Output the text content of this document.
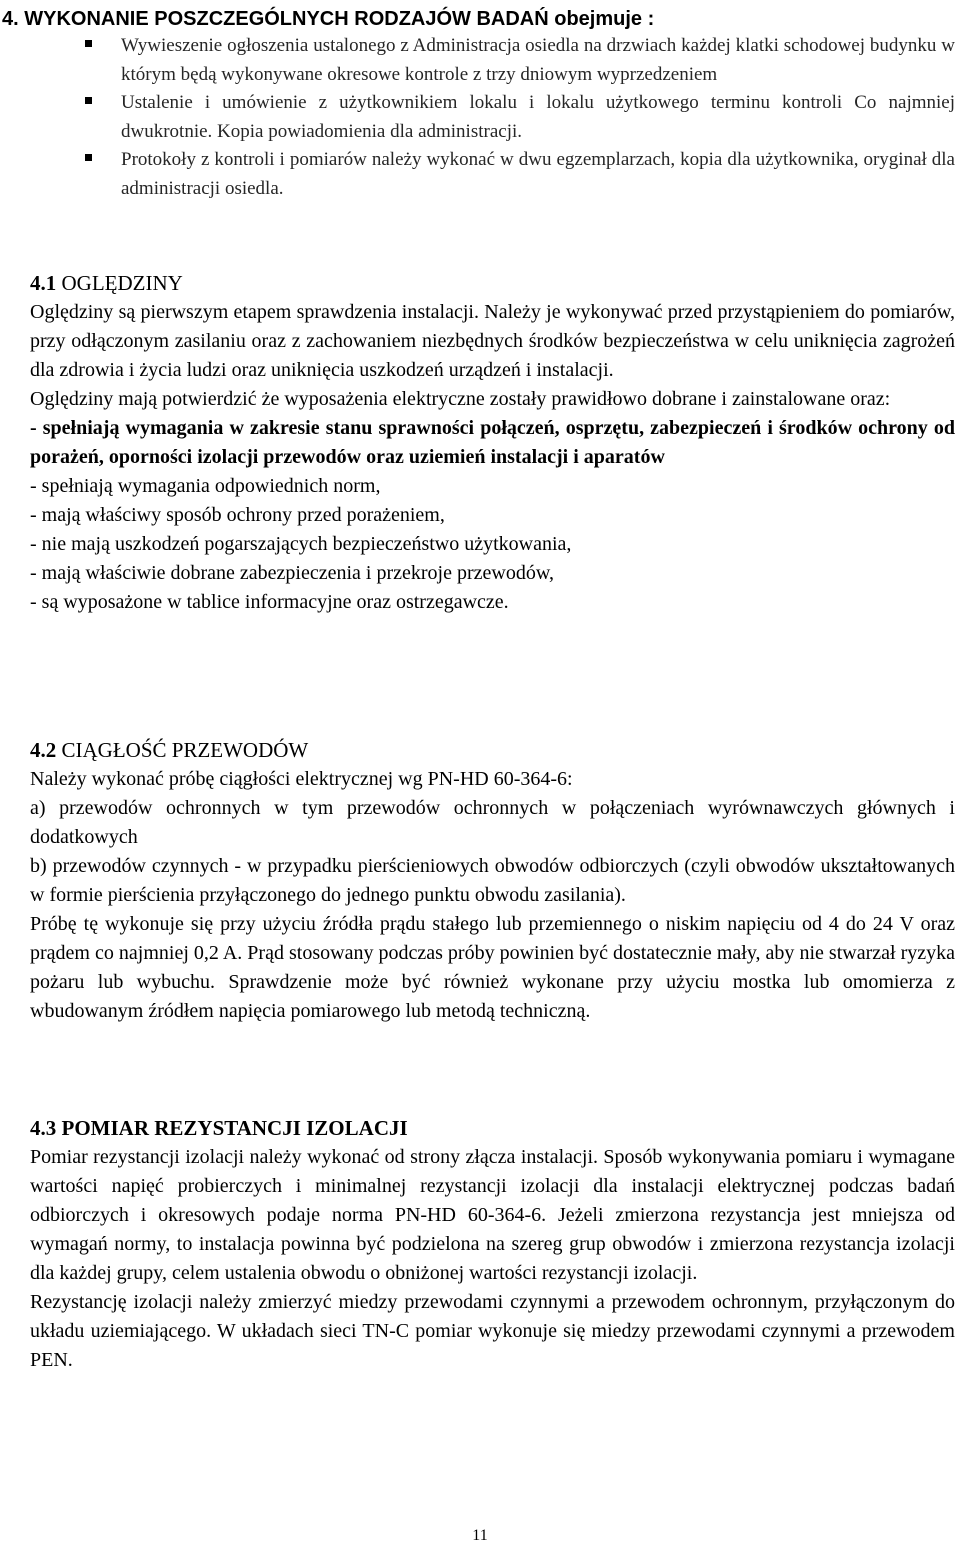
4. WYKONANIE POSZCZEGÓLNYCH RODZAJÓW BADAŃ obejmuje :
Wywieszenie ogłoszenia ustalonego z Administracja osiedla na drzwiach każdej klatki schodowej budynku w którym będą wykonywane okresowe kontrole z trzy dniowym wyprzedzeniem
Ustalenie i umówienie z użytkownikiem lokalu i lokalu użytkowego terminu kontroli Co najmniej dwukrotnie. Kopia powiadomienia dla administracji.
Protokoły z kontroli i pomiarów należy wykonać w dwu egzemplarzach, kopia dla użytkownika, oryginał dla administracji osiedla.
4.1 OGLĘDZINY

Oględziny są pierwszym etapem sprawdzenia instalacji. Należy je wykonywać przed przystąpieniem do pomiarów, przy odłączonym zasilaniu oraz z zachowaniem niezbędnych środków bezpieczeństwa w celu uniknięcia zagrożeń dla zdrowia i życia ludzi oraz uniknięcia uszkodzeń urządzeń i instalacji.

Oględziny mają potwierdzić że wyposażenia elektryczne zostały prawidłowo dobrane i zainstalowane oraz:

- spełniają wymagania w zakresie stanu sprawności połączeń, osprzętu, zabezpieczeń i środków ochrony od porażeń, oporności izolacji przewodów oraz uziemień instalacji i aparatów

- spełniają wymagania odpowiednich norm,

- mają właściwy sposób ochrony przed porażeniem,

- nie mają uszkodzeń pogarszających bezpieczeństwo użytkowania,

- mają właściwie dobrane zabezpieczenia i przekroje przewodów,

- są wyposażone w tablice informacyjne oraz ostrzegawcze.

4.2 CIĄGŁOŚĆ PRZEWODÓW

Należy wykonać próbę ciągłości elektrycznej wg PN-HD 60-364-6:

a) przewodów ochronnych w tym przewodów ochronnych w połączeniach wyrównawczych głównych i dodatkowych

b) przewodów czynnych - w przypadku pierścieniowych obwodów odbiorczych (czyli obwodów ukształtowanych w formie pierścienia przyłączonego do jednego punktu obwodu zasilania).

Próbę tę wykonuje się przy użyciu źródła prądu stałego lub przemiennego o niskim napięciu od 4 do 24 V oraz prądem co najmniej 0,2 A. Prąd stosowany podczas próby powinien być dostatecznie mały, aby nie stwarzał ryzyka pożaru lub wybuchu. Sprawdzenie może być również wykonane przy użyciu mostka lub omomierza z wbudowanym źródłem napięcia pomiarowego lub metodą techniczną.

4.3 POMIAR REZYSTANCJI IZOLACJI

Pomiar rezystancji izolacji należy wykonać od strony złącza instalacji. Sposób wykonywania pomiaru i wymagane wartości napięć probierczych i minimalnej rezystancji izolacji dla instalacji elektrycznej podczas badań odbiorczych i okresowych podaje norma PN-HD 60-364-6. Jeżeli zmierzona rezystancja jest mniejsza od wymagań normy, to instalacja powinna być podzielona na szereg grup obwodów i zmierzona rezystancja izolacji dla każdej grupy, celem ustalenia obwodu o obniżonej wartości rezystancji izolacji.

Rezystancję izolacji należy zmierzyć miedzy przewodami czynnymi a przewodem ochronnym, przyłączonym do układu uziemiającego. W układach sieci TN-C pomiar wykonuje się miedzy przewodami czynnymi a przewodem PEN.

11
